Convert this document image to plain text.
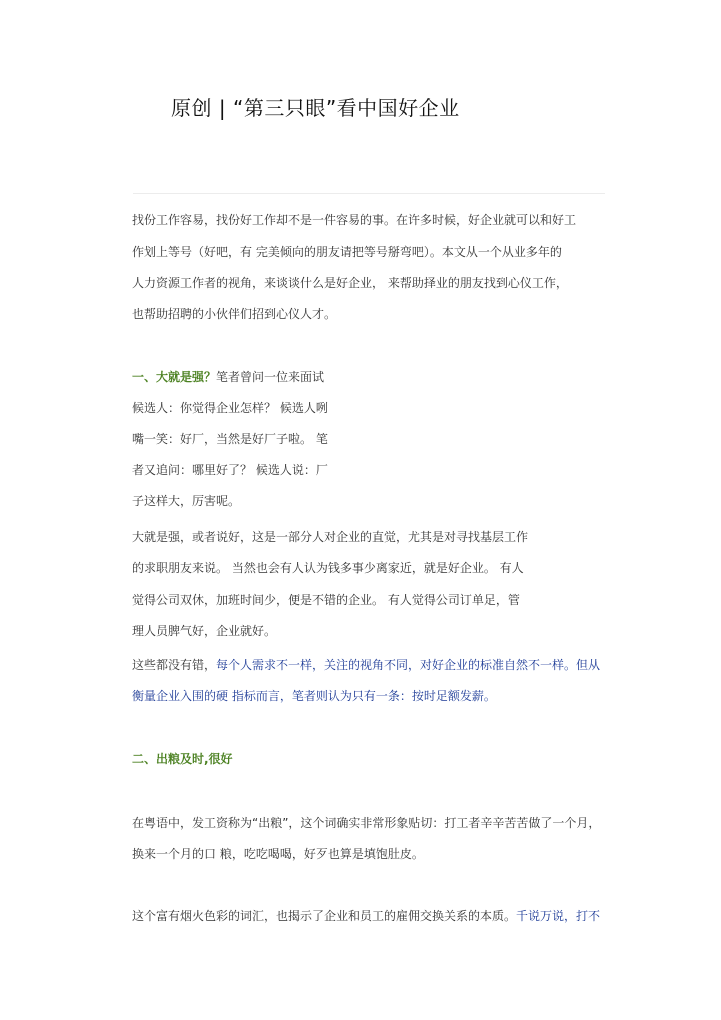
原创 | “第三只眼”看中国好企业
找份工作容易，找份好工作却不是一件容易的事。在许多时候，好企业就可以和好工
作划上等号（好吧，有 完美倾向的朋友请把等号掰弯吧）。本文从一个从业多年的
人力资源工作者的视角，来谈谈什么是好企业， 来帮助择业的朋友找到心仪工作，
也帮助招聘的小伙伴们招到心仪人才。
一、大就是强？笔者曾问一位来面试
候选人：你觉得企业怎样？ 候选人咧
嘴一笑：好厂，当然是好厂子啦。 笔
者又追问：哪里好了？ 候选人说：厂
子这样大，厉害呢。
大就是强，或者说好，这是一部分人对企业的直觉，尤其是对寻找基层工作
的求职朋友来说。 当然也会有人认为钱多事少离家近，就是好企业。 有人
觉得公司双休，加班时间少，便是不错的企业。 有人觉得公司订单足，管
理人员脾气好，企业就好。
这些都没有错，每个人需求不一样，关注的视角不同，对好企业的标准自然不一样。但从
衡量企业入围的硬 指标而言，笔者则认为只有一条：按时足额发薪。
二、出粮及时,很好
在粤语中，发工资称为“出粮”，这个词确实非常形象贴切：打工者辛辛苦苦做了一个月，
换来一个月的口 粮，吃吃喝喝，好歹也算是填饱肚皮。
这个富有烟火色彩的词汇，也揭示了企业和员工的雇佣交换关系的本质。千说万说，打不
